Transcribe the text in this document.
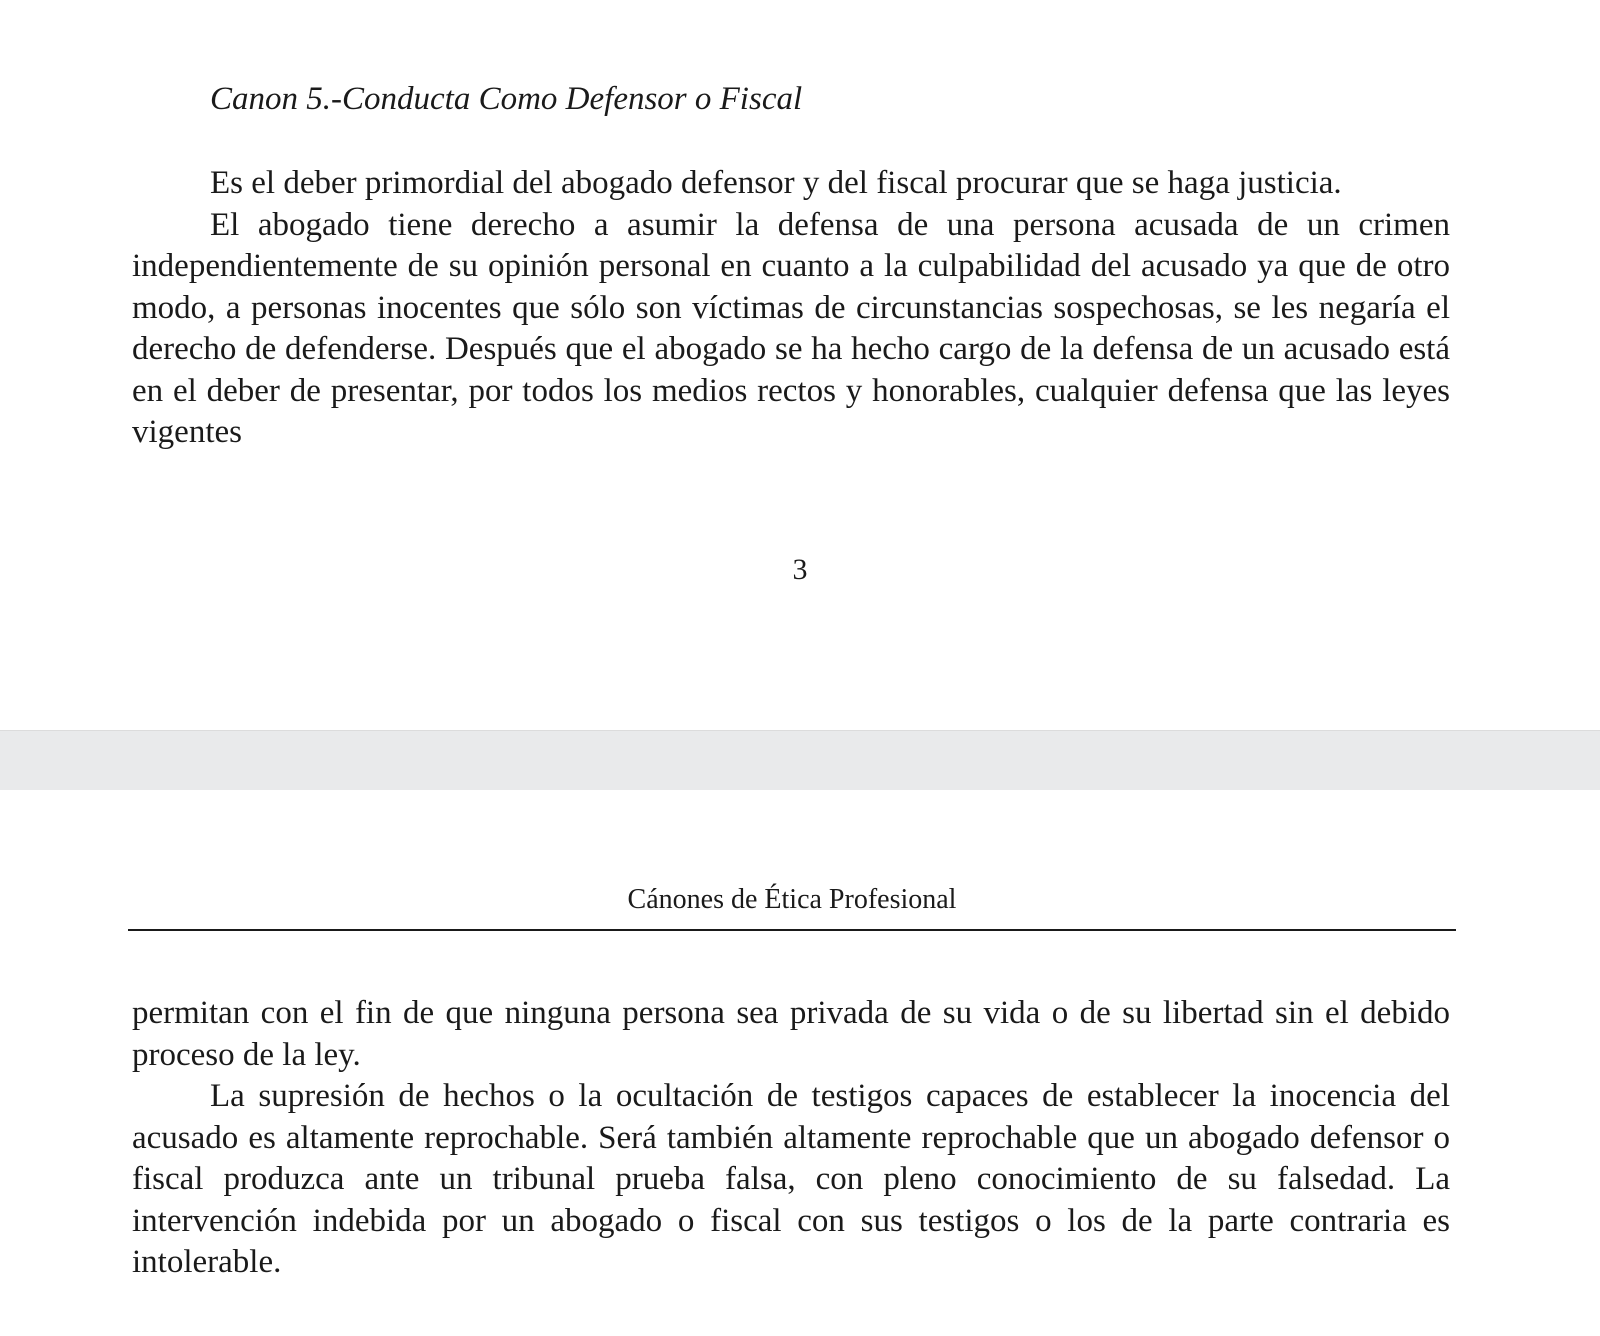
Canon 5.-Conducta Como Defensor o Fiscal

Es el deber primordial del abogado defensor y del fiscal procurar que se haga justicia.

El abogado tiene derecho a asumir la defensa de una persona acusada de un crimen independientemente de su opinión personal en cuanto a la culpabilidad del acusado ya que de otro modo, a personas inocentes que sólo son víctimas de circunstancias sospechosas, se les negaría el derecho de defenderse. Después que el abogado se ha hecho cargo de la defensa de un acusado está en el deber de presentar, por todos los medios rectos y honorables, cualquier defensa que las leyes vigentes

3
Cánones de Ética Profesional

permitan con el fin de que ninguna persona sea privada de su vida o de su libertad sin el debido proceso de la ley.

La supresión de hechos o la ocultación de testigos capaces de establecer la inocencia del acusado es altamente reprochable. Será también altamente reprochable que un abogado defensor o fiscal produzca ante un tribunal prueba falsa, con pleno conocimiento de su falsedad. La intervención indebida por un abogado o fiscal con sus testigos o los de la parte contraria es intolerable.
